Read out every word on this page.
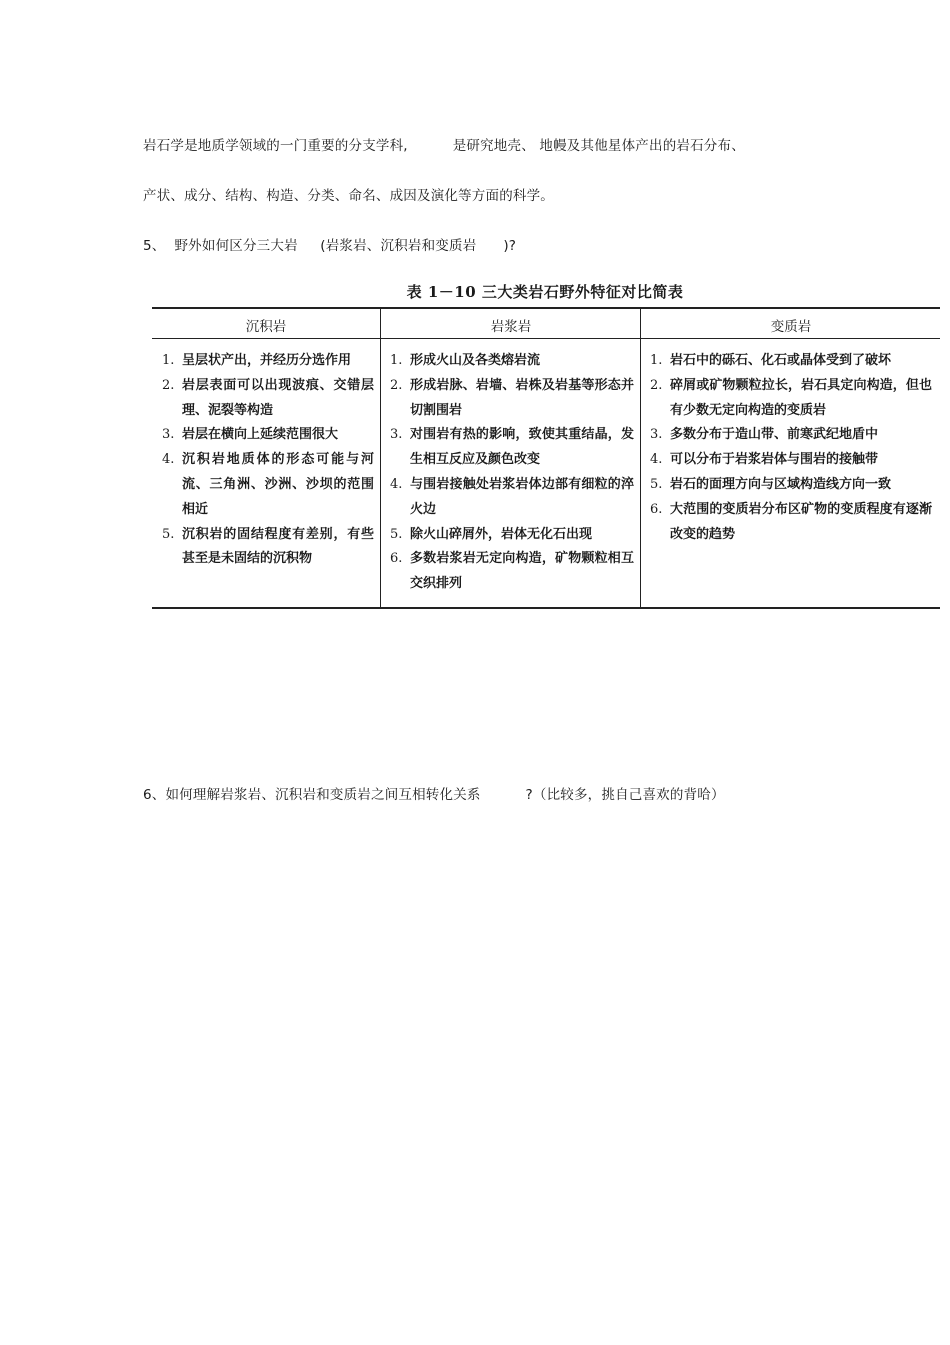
岩石学是地质学领域的一门重要的分支学科,          是研究地壳、 地幔及其他星体产出的岩石分布、
产状、成分、结构、构造、分类、命名、成因及演化等方面的科学。
5、  野外如何区分三大岩     (岩浆岩、沉积岩和变质岩      )?
表 1－10 三大类岩石野外特征对比简表
沉积岩	岩浆岩	变质岩
1. 呈层状产出，并经历分选作用
2. 岩层表面可以出现波痕、交错层理、泥裂等构造
3. 岩层在横向上延续范围很大
4. 沉积岩地质体的形态可能与河流、三角洲、沙洲、沙坝的范围相近
5. 沉积岩的固结程度有差别，有些甚至是未固结的沉积物
1. 形成火山及各类熔岩流
2. 形成岩脉、岩墙、岩株及岩基等形态并切割围岩
3. 对围岩有热的影响，致使其重结晶，发生相互反应及颜色改变
4. 与围岩接触处岩浆岩体边部有细粒的淬火边
5. 除火山碎屑外，岩体无化石出现
6. 多数岩浆岩无定向构造，矿物颗粒相互交织排列
1. 岩石中的砾石、化石或晶体受到了破坏
2. 碎屑或矿物颗粒拉长，岩石具定向构造，但也有少数无定向构造的变质岩
3. 多数分布于造山带、前寒武纪地盾中
4. 可以分布于岩浆岩体与围岩的接触带
5. 岩石的面理方向与区域构造线方向一致
6. 大范围的变质岩分布区矿物的变质程度有逐渐改变的趋势
6、如何理解岩浆岩、沉积岩和变质岩之间互相转化关系          ?（比较多，挑自己喜欢的背哈）
